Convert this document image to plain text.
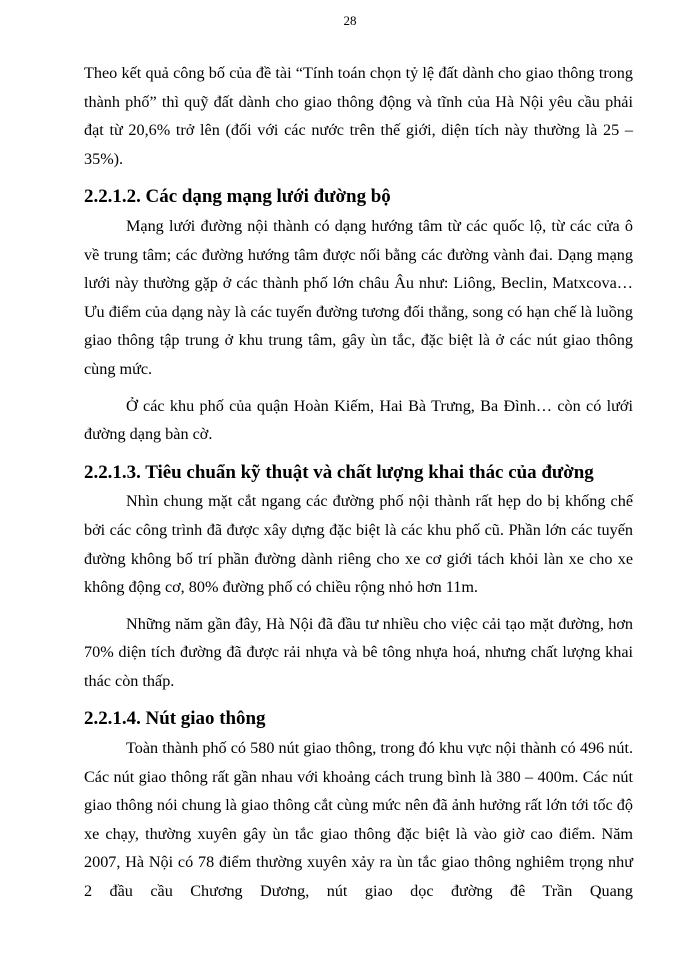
28

Theo kết quả công bố của đề tài “Tính toán chọn tỷ lệ đất dành cho giao thông trong thành phố” thì quỹ đất dành cho giao thông động và tĩnh của Hà Nội yêu cầu phải đạt từ 20,6% trở lên (đối với các nước trên thế giới, diện tích này thường là 25 – 35%).

2.2.1.2. Các dạng mạng lưới đường bộ

Mạng lưới đường nội thành có dạng hướng tâm từ các quốc lộ, từ các cửa ô về trung tâm; các đường hướng tâm được nối bằng các đường vành đai. Dạng mạng lưới này thường gặp ở các thành phố lớn châu Âu như: Liông, Beclin, Matxcova… Ưu điểm của dạng này là các tuyến đường tương đối thẳng, song có hạn chế là luồng giao thông tập trung ở khu trung tâm, gây ùn tắc, đặc biệt là ở các nút giao thông cùng mức.

Ở các khu phố của quận Hoàn Kiếm, Hai Bà Trưng, Ba Đình… còn có lưới đường dạng bàn cờ.

2.2.1.3. Tiêu chuẩn kỹ thuật và chất lượng khai thác của đường

Nhìn chung mặt cắt ngang các đường phố nội thành rất hẹp do bị khống chế bởi các công trình đã được xây dựng đặc biệt là các khu phố cũ. Phần lớn các tuyến đường không bố trí phần đường dành riêng cho xe cơ giới tách khỏi làn xe cho xe không động cơ, 80% đường phố có chiều rộng nhỏ hơn 11m.

Những năm gần đây, Hà Nội đã đầu tư nhiều cho việc cải tạo mặt đường, hơn 70% diện tích đường đã được rải nhựa và bê tông nhựa hoá, nhưng chất lượng khai thác còn thấp.

2.2.1.4. Nút giao thông

Toàn thành phố có 580 nút giao thông, trong đó khu vực nội thành có 496 nút. Các nút giao thông rất gần nhau với khoảng cách trung bình là 380 – 400m. Các nút giao thông nói chung là giao thông cắt cùng mức nên đã ảnh hưởng rất lớn tới tốc độ xe chạy, thường xuyên gây ùn tắc giao thông đặc biệt là vào giờ cao điểm. Năm 2007, Hà Nội có 78 điểm thường xuyên xảy ra ùn tắc giao thông nghiêm trọng như 2 đầu cầu Chương Dương, nút giao dọc đường đê Trần Quang
